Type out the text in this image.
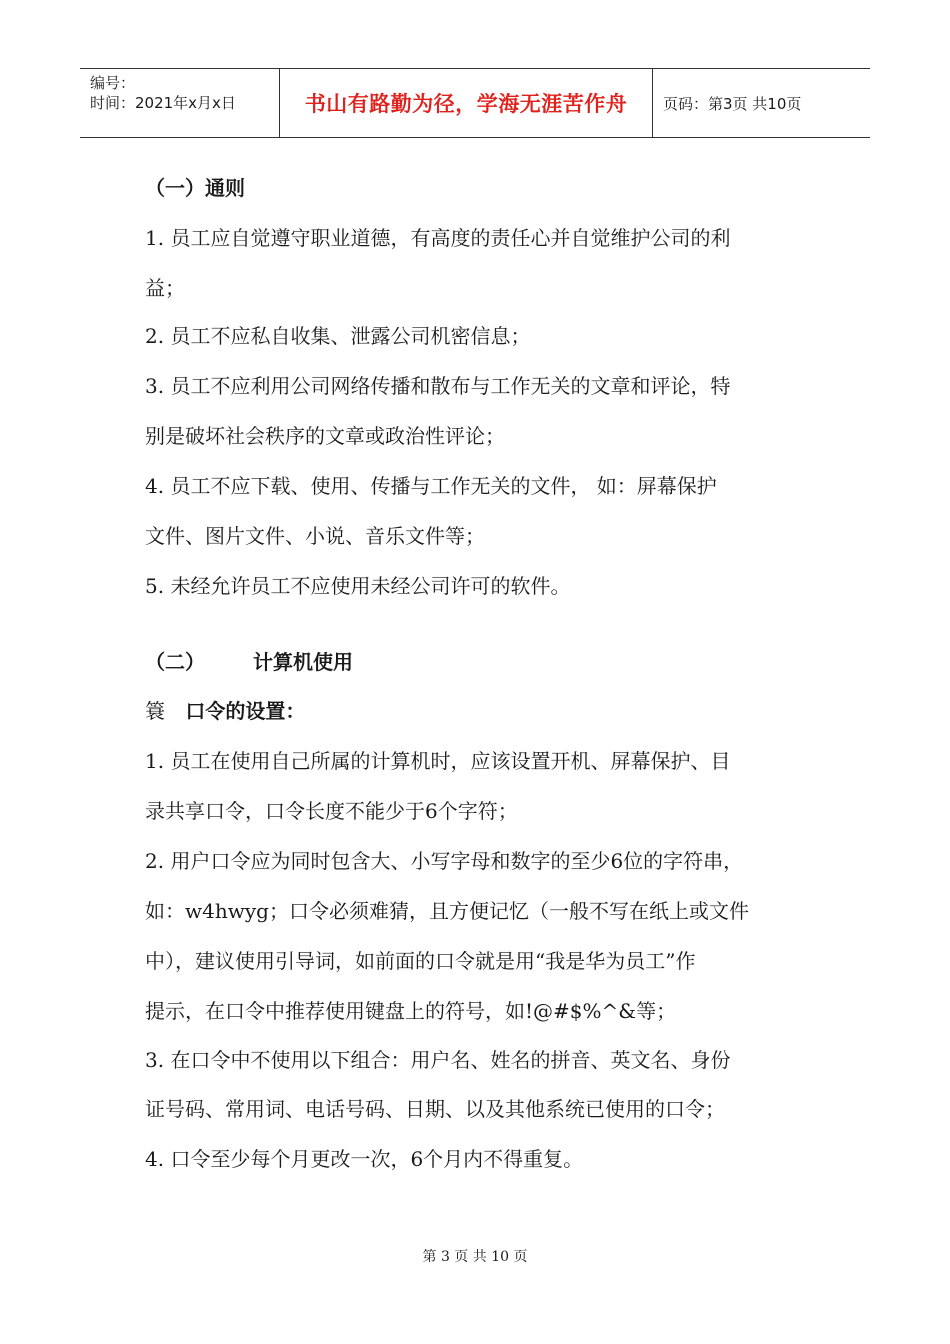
编号：
时间：2021年x月x日	书山有路勤为径，学海无涯苦作舟	页码：第3页 共10页
（一）通则
1. 员工应自觉遵守职业道德，有高度的责任心并自觉维护公司的利
益；
2. 员工不应私自收集、泄露公司机密信息；
3. 员工不应利用公司网络传播和散布与工作无关的文章和评论，特
别是破坏社会秩序的文章或政治性评论；
4. 员工不应下载、使用、传播与工作无关的文件， 如：屏幕保护
文件、图片文件、小说、音乐文件等；
5. 未经允许员工不应使用未经公司许可的软件。
（二） 计算机使用
簑 口令的设置：
1. 员工在使用自己所属的计算机时，应该设置开机、屏幕保护、目
录共享口令，口令长度不能少于6个字符；
2. 用户口令应为同时包含大、小写字母和数字的至少6位的字符串，
如：w4hwyg；口令必须难猜，且方便记忆（一般不写在纸上或文件
中），建议使用引导词，如前面的口令就是用“我是华为员工”作
提示，在口令中推荐使用键盘上的符号，如!@#$%^&等；
3. 在口令中不使用以下组合：用户名、姓名的拼音、英文名、身份
证号码、常用词、电话号码、日期、以及其他系统已使用的口令；
4. 口令至少每个月更改一次，6个月内不得重复。
第 3 页 共 10 页
